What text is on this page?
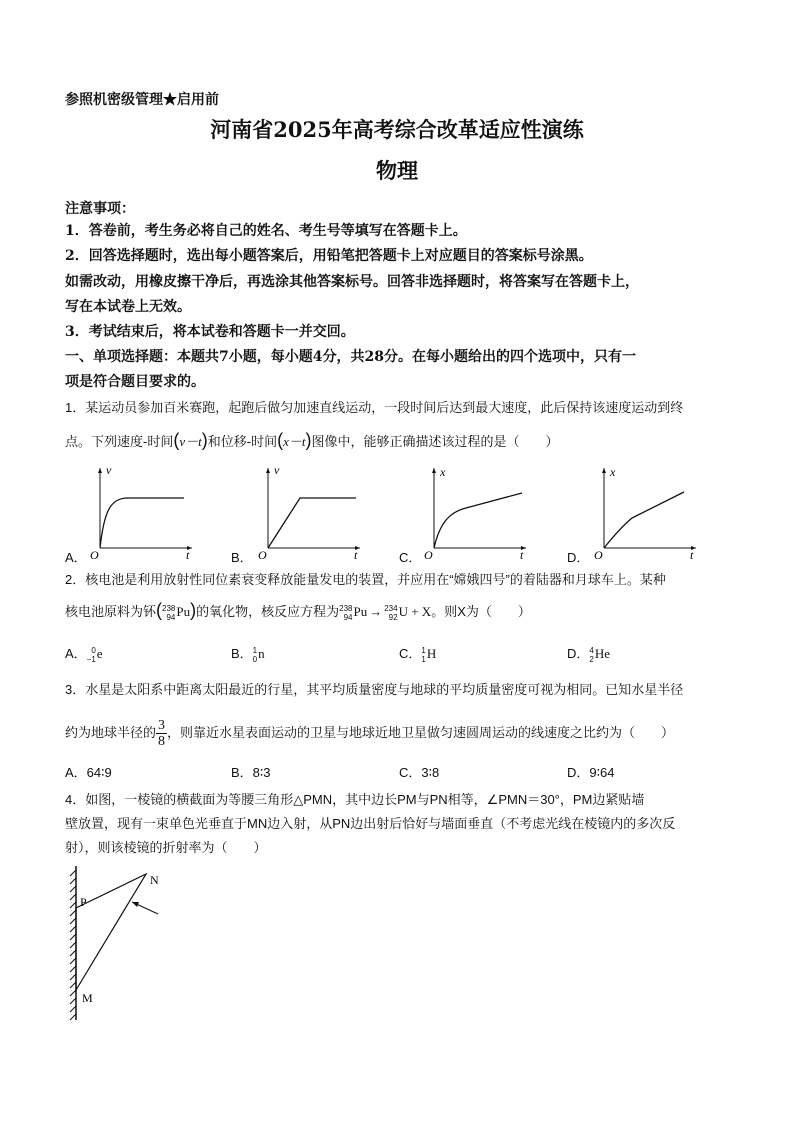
参照机密级管理★启用前
河南省2025年高考综合改革适应性演练
物理
注意事项：
1．答卷前，考生务必将自己的姓名、考生号等填写在答题卡上。
2．回答选择题时，选出每小题答案后，用铅笔把答题卡上对应题目的答案标号涂黑。
如需改动，用橡皮擦干净后，再选涂其他答案标号。回答非选择题时，将答案写在答题卡上，
写在本试卷上无效。
3．考试结束后，将本试卷和答题卡一并交回。
一、单项选择题：本题共7小题，每小题4分，共28分。在每小题给出的四个选项中，只有一
项是符合题目要求的。
1．某运动员参加百米赛跑，起跑后做匀加速直线运动，一段时间后达到最大速度，此后保持该速度运动到终
点。下列速度-时间(v－t)和位移-时间(x－t)图像中，能够正确描述该过程的是（　　）
A．	B．	C．	D．
v
t
O
v
t
O
x
t
O
x
t
O
2．核电池是利用放射性同位素衰变释放能量发电的装置，并应用在“嫦娥四号”的着陆器和月球车上。某种
核电池原料为钚( 238
94 Pu)的氧化物，核反应方程为 238
94 Pu → 234
92 U + X。则X为（　　）
A． 0
−1 e	B． 1
0 n	C． 1
1 H	D． 4
2 He
3．水星是太阳系中距离太阳最近的行星，其平均质量密度与地球的平均质量密度可视为相同。已知水星半径
约为地球半径的 $\frac{3}{8}$ ，则靠近水星表面运动的卫星与地球近地卫星做匀速圆周运动的线速度之比约为（　　）
A．64∶9	B．8∶3	C．3∶8	D．9∶64
4．如图，一棱镜的横截面为等腰三角形△PMN，其中边长PM与PN相等，∠PMN＝30°，PM边紧贴墙
壁放置，现有一束单色光垂直于MN边入射，从PN边出射后恰好与墙面垂直（不考虑光线在棱镜内的多次反
射），则该棱镜的折射率为（　　）
P
N
M
